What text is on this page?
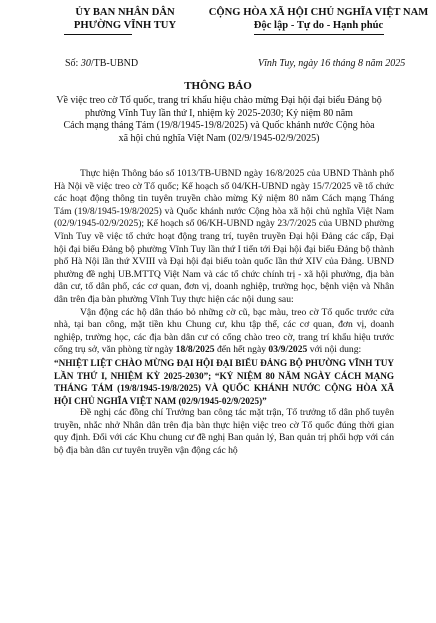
ỦY BAN NHÂN DÂN
PHƯỜNG VĨNH TUY
CỘNG HÒA XÃ HỘI CHỦ NGHĨA VIỆT NAM
Độc lập - Tự do - Hạnh phúc
Số: 30/TB-UBND	Vĩnh Tuy, ngày 16 tháng 8 năm 2025
THÔNG BÁO
Về việc treo cờ Tổ quốc, trang trí khẩu hiệu chào mừng Đại hội đại biểu Đảng bộ
phường Vĩnh Tuy lần thứ I, nhiệm kỳ 2025-2030; Kỷ niệm 80 năm
Cách mạng tháng Tám (19/8/1945-19/8/2025) và Quốc khánh nước Cộng hòa
xã hội chủ nghĩa Việt Nam (02/9/1945-02/9/2025)

Thực hiện Thông báo số 1013/TB-UBND ngày 16/8/2025 của UBND Thành phố Hà Nội về việc treo cờ Tổ quốc; Kế hoạch số 04/KH-UBND ngày 15/7/2025 về tổ chức các hoạt động thông tin tuyên truyền chào mừng Kỷ niệm 80 năm Cách mạng Tháng Tám (19/8/1945-19/8/2025) và Quốc khánh nước Cộng hòa xã hội chủ nghĩa Việt Nam (02/9/1945-02/9/2025); Kế hoạch số 06/KH-UBND ngày 23/7/2025 của UBND phường Vĩnh Tuy về việc tổ chức hoạt động trang trí, tuyên truyền Đại hội Đảng các cấp, Đại hội đại biểu Đảng bộ phường Vĩnh Tuy lần thứ I tiến tới Đại hội đại biểu Đảng bộ thành phố Hà Nội lần thứ XVIII và Đại hội đại biểu toàn quốc lần thứ XIV của Đảng. UBND phường đề nghị UB.MTTQ Việt Nam và các tổ chức chính trị - xã hội phường, địa bàn dân cư, tổ dân phố, các cơ quan, đơn vị, doanh nghiệp, trường học, bệnh viện và Nhân dân trên địa bàn phường Vĩnh Tuy thực hiện các nội dung sau:

Vận động các hộ dân tháo bỏ những cờ cũ, bạc màu, treo cờ Tổ quốc trước cửa nhà, tại ban công, mặt tiền khu Chung cư, khu tập thể, các cơ quan, đơn vị, doanh nghiệp, trường học, các địa bàn dân cư có cổng chào treo cờ, trang trí khẩu hiệu trước cổng trụ sở, văn phòng từ ngày 18/8/2025 đến hết ngày 03/9/2025 với nội dung:

“NHIỆT LIỆT CHÀO MỪNG ĐẠI HỘI ĐẠI BIỂU ĐẢNG BỘ PHƯỜNG VĨNH TUY LẦN THỨ I, NHIỆM KỲ 2025-2030”; “KỶ NIỆM 80 NĂM NGÀY CÁCH MẠNG THÁNG TÁM (19/8/1945-19/8/2025) VÀ QUỐC KHÁNH NƯỚC CỘNG HÒA XÃ HỘI CHỦ NGHĨA VIỆT NAM (02/9/1945-02/9/2025)”

Đề nghị các đồng chí Trưởng ban công tác mặt trận, Tổ trưởng tổ dân phố tuyên truyền, nhắc nhở Nhân dân trên địa bàn thực hiện việc treo cờ Tổ quốc đúng thời gian quy định. Đối với các Khu chung cư đề nghị Ban quản lý, Ban quản trị phối hợp với cán bộ địa bàn dân cư tuyên truyền vận động các hộ
